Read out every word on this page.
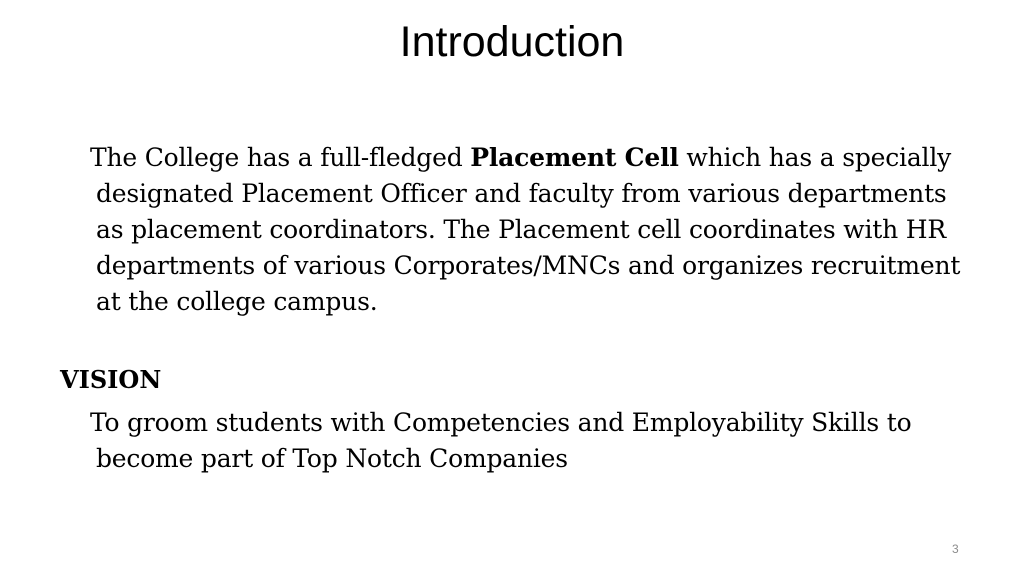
Introduction
The College has a full-fledged Placement Cell which has a specially designated Placement Officer and faculty from various departments as placement coordinators. The Placement cell coordinates with HR departments of various Corporates/MNCs and organizes recruitment at the college campus.
VISION
To groom students with Competencies and Employability Skills to become part of Top Notch Companies
3
